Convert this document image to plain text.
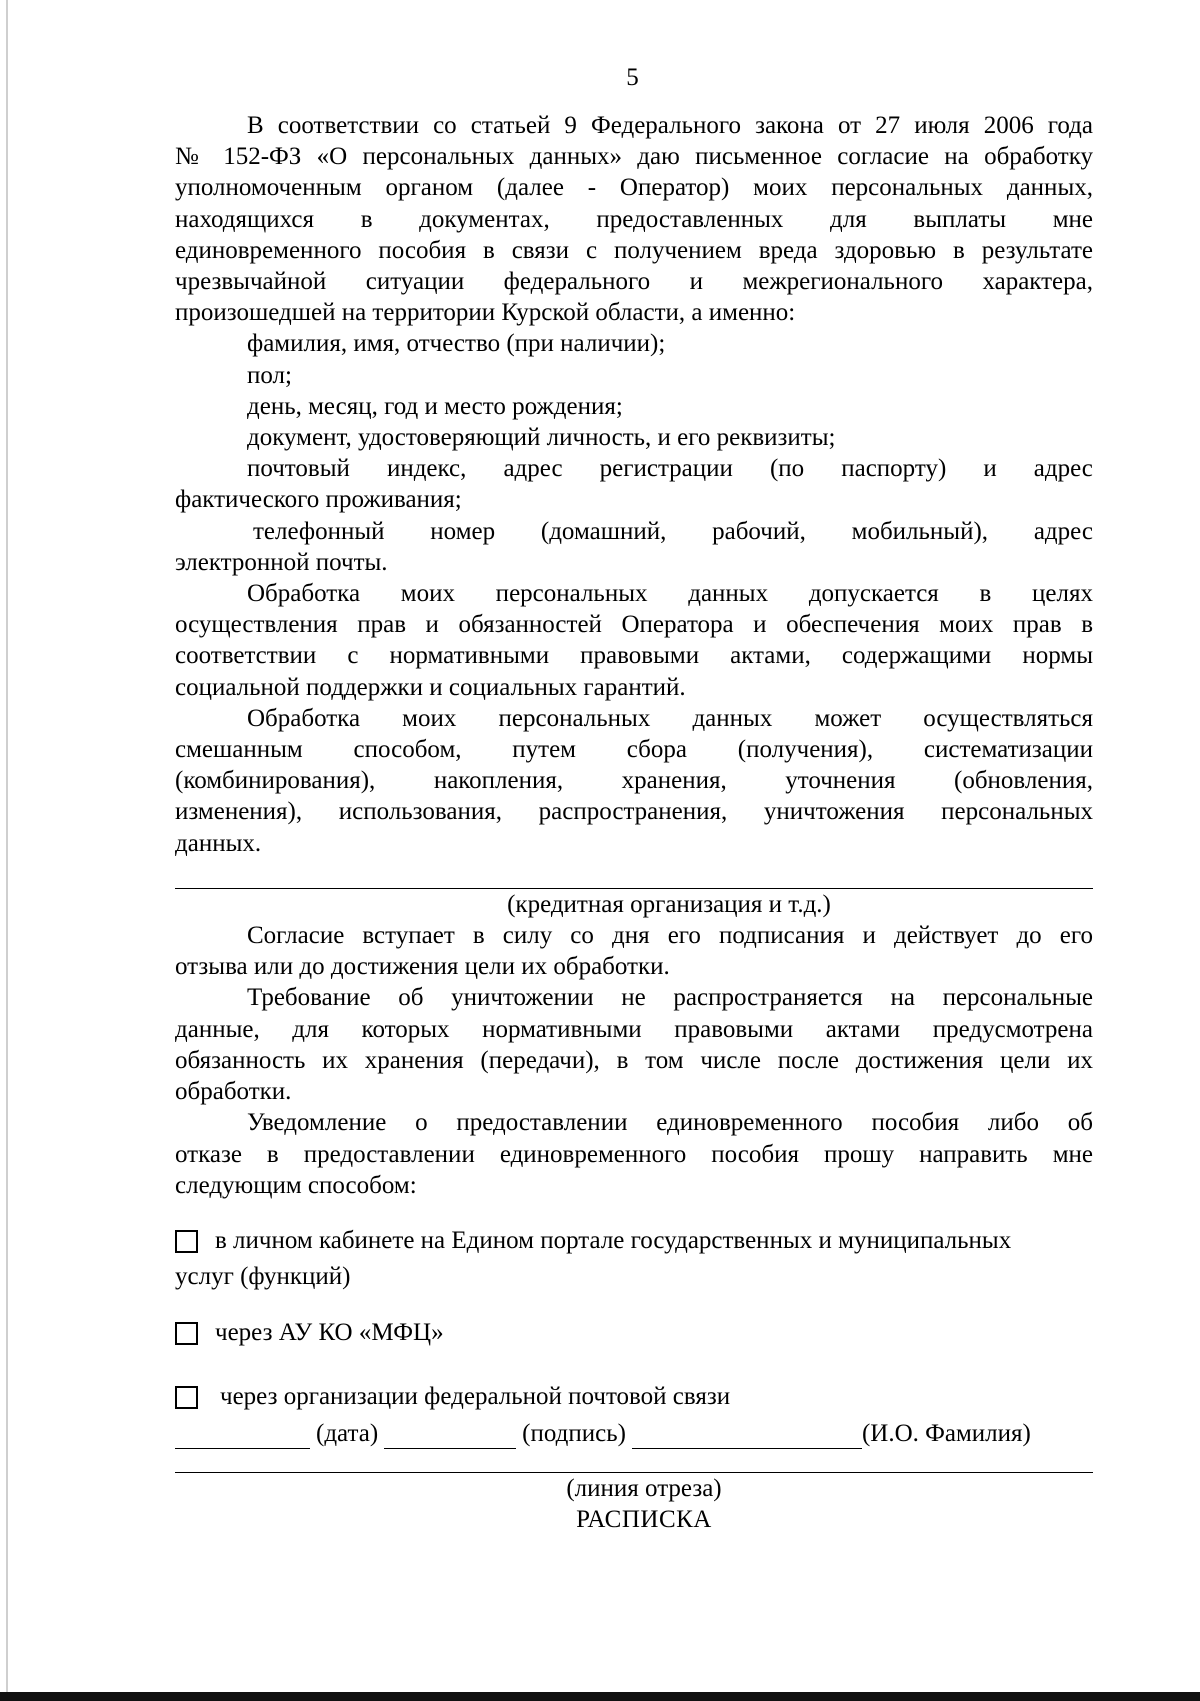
5

В соответствии со статьей 9 Федерального закона от 27 июля 2006 года

№ 152-ФЗ «О персональных данных» даю письменное согласие на обработку

уполномоченным органом (далее - Оператор) моих персональных данных,

находящихся в документах, предоставленных для выплаты мне

единовременного пособия в связи с получением вреда здоровью в результате

чрезвычайной ситуации федерального и межрегионального характера,

произошедшей на территории Курской области, а именно:

фамилия, имя, отчество (при наличии);

пол;

день, месяц, год и место рождения;

документ, удостоверяющий личность, и его реквизиты;

почтовый индекс, адрес регистрации (по паспорту) и адрес

фактического проживания;

телефонный номер (домашний, рабочий, мобильный), адрес

электронной почты.

Обработка моих персональных данных допускается в целях

осуществления прав и обязанностей Оператора и обеспечения моих прав в

соответствии с нормативными правовыми актами, содержащими нормы

социальной поддержки и социальных гарантий.

Обработка моих персональных данных может осуществляться

смешанным способом, путем сбора (получения), систематизации

(комбинирования), накопления, хранения, уточнения (обновления,

изменения), использования, распространения, уничтожения персональных

данных.

(кредитная организация и т.д.)

Согласие вступает в силу со дня его подписания и действует до его

отзыва или до достижения цели их обработки.

Требование об уничтожении не распространяется на персональные

данные, для которых нормативными правовыми актами предусмотрена

обязанность их хранения (передачи), в том числе после достижения цели их

обработки.

Уведомление о предоставлении единовременного пособия либо об

отказе в предоставлении единовременного пособия прошу направить мне

следующим способом:

в личном кабинете на Едином портале государственных и муниципальных
услуг (функций)
через АУ КО «МФЦ»
через организации федеральной почтовой связи
(дата)	(подпись)	(И.О. Фамилия)

(линия отреза)

РАСПИСКА
